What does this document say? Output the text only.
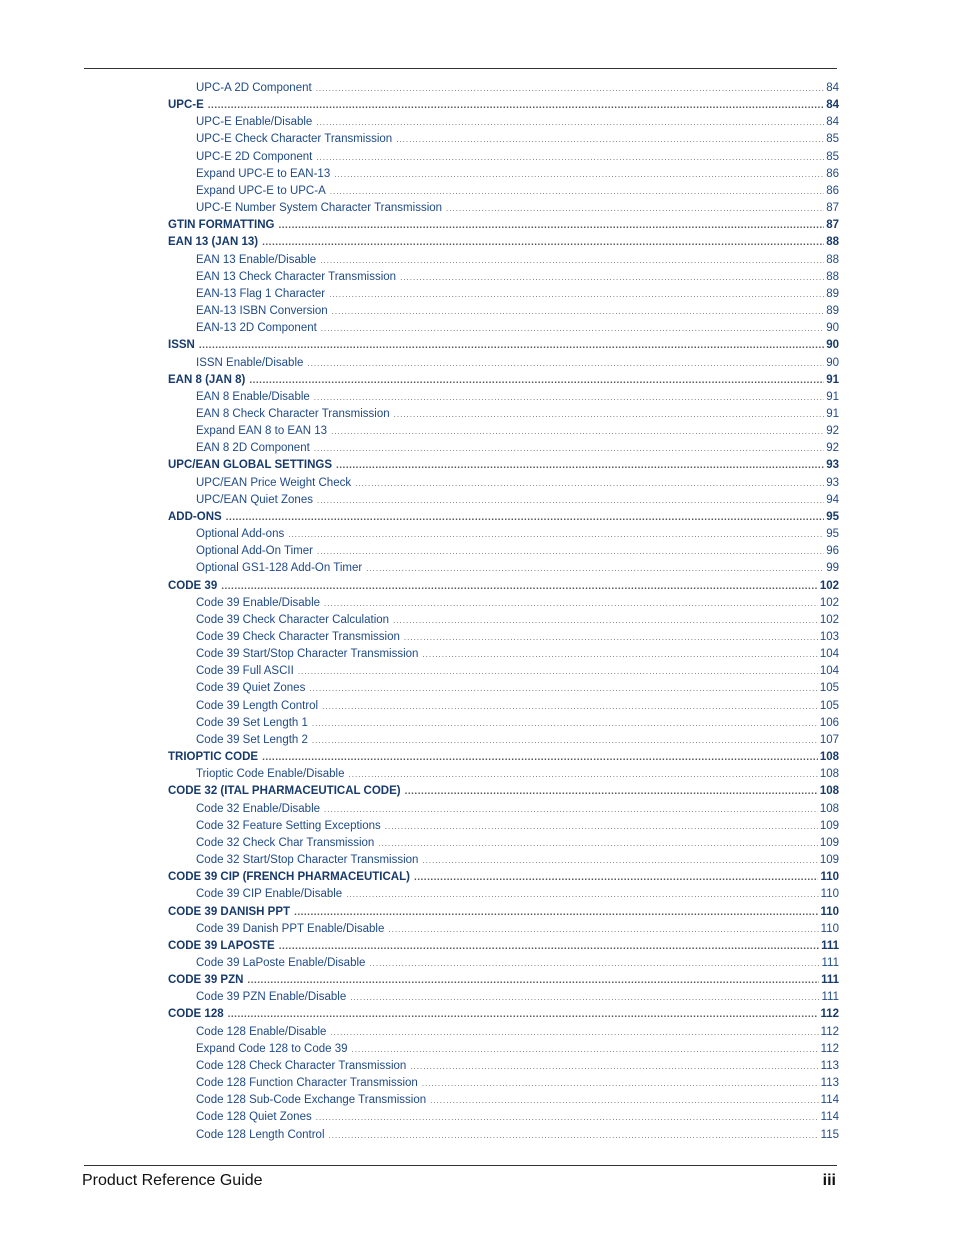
UPC-A 2D Component .....	84
UPC-E .....	84
UPC-E Enable/Disable .....	84
UPC-E Check Character Transmission .....	85
UPC-E 2D Component .....	85
Expand UPC-E to EAN-13 .....	86
Expand UPC-E to UPC-A .....	86
UPC-E Number System Character Transmission .....	87
GTIN FORMATTING .....	87
EAN 13 (JAN 13) .....	88
EAN 13 Enable/Disable .....	88
EAN 13 Check Character Transmission .....	88
EAN-13 Flag 1 Character .....	89
EAN-13 ISBN Conversion .....	89
EAN-13 2D Component .....	90
ISSN .....	90
ISSN Enable/Disable .....	90
EAN 8 (JAN 8) .....	91
EAN 8 Enable/Disable .....	91
EAN 8 Check Character Transmission .....	91
Expand EAN 8 to EAN 13 .....	92
EAN 8 2D Component .....	92
UPC/EAN GLOBAL SETTINGS .....	93
UPC/EAN Price Weight Check .....	93
UPC/EAN Quiet Zones .....	94
ADD-ONS .....	95
Optional Add-ons .....	95
Optional Add-On Timer .....	96
Optional GS1-128 Add-On Timer .....	99
CODE 39 .....	102
Code 39 Enable/Disable .....	102
Code 39 Check Character Calculation .....	102
Code 39 Check Character Transmission .....	103
Code 39 Start/Stop Character Transmission .....	104
Code 39 Full ASCII .....	104
Code 39 Quiet Zones .....	105
Code 39 Length Control .....	105
Code 39 Set Length 1 .....	106
Code 39 Set Length 2 .....	107
TRIOPTIC CODE .....	108
Trioptic Code Enable/Disable .....	108
CODE 32 (ITAL PHARMACEUTICAL CODE) .....	108
Code 32 Enable/Disable .....	108
Code 32 Feature Setting Exceptions .....	109
Code 32 Check Char Transmission .....	109
Code 32 Start/Stop Character Transmission .....	109
CODE 39 CIP (FRENCH PHARMACEUTICAL) .....	110
Code 39 CIP Enable/Disable .....	110
CODE 39 DANISH PPT .....	110
Code 39 Danish PPT Enable/Disable .....	110
CODE 39 LAPOSTE .....	111
Code 39 LaPoste Enable/Disable .....	111
CODE 39 PZN .....	111
Code 39 PZN Enable/Disable .....	111
CODE 128 .....	112
Code 128 Enable/Disable .....	112
Expand Code 128 to Code 39 .....	112
Code 128 Check Character Transmission .....	113
Code 128 Function Character Transmission .....	113
Code 128 Sub-Code Exchange Transmission .....	114
Code 128 Quiet Zones .....	114
Code 128 Length Control .....	115
Product Reference Guide	iii
